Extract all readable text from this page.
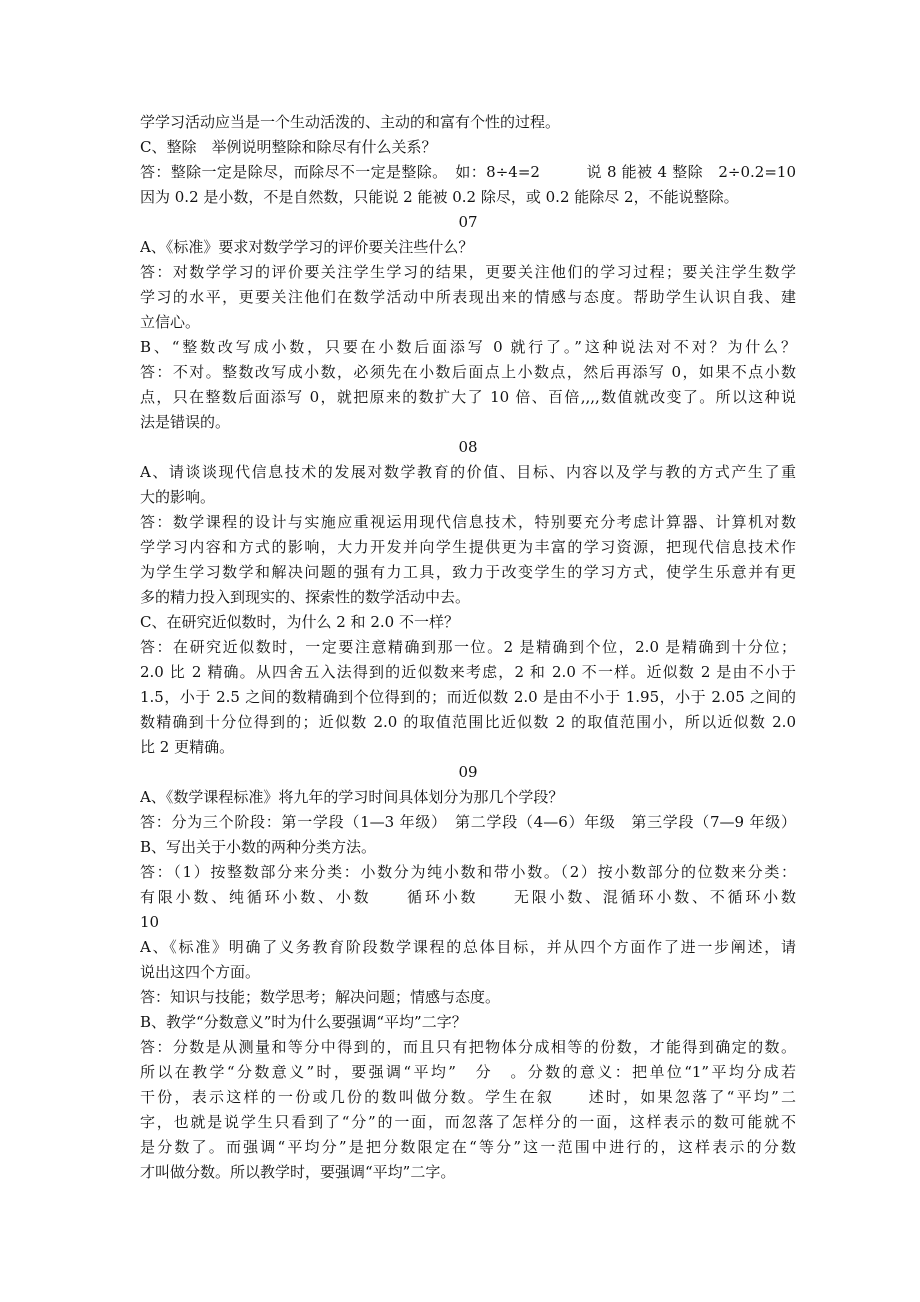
学学习活动应当是一个生动活泼的、主动的和富有个性的过程。
C、整除　举例说明整除和除尽有什么关系？
答：整除一定是除尽，而除尽不一定是整除。　如：8÷4=2　　　说 8 能被 4 整除　2÷0.2=10
因为 0.2 是小数，不是自然数，只能说 2 能被 0.2 除尽，或 0.2 能除尽 2，不能说整除。
07
A、《标准》要求对数学学习的评价要关注些什么？
答：对数学学习的评价要关注学生学习的结果，更要关注他们的学习过程；要关注学生数学
学习的水平，更要关注他们在数学活动中所表现出来的情感与态度。帮助学生认识自我、建
立信心。
B、“整数改写成小数，只要在小数后面添写 0 就行了。”这种说法对不对？为什么？
答：不对。整数改写成小数，必须先在小数后面点上小数点，然后再添写 0，如果不点小数
点，只在整数后面添写 0，就把原来的数扩大了 10 倍、百倍,,,,数值就改变了。所以这种说
法是错误的。
08
A、请谈谈现代信息技术的发展对数学教育的价值、目标、内容以及学与教的方式产生了重
大的影响。
答：数学课程的设计与实施应重视运用现代信息技术，特别要充分考虑计算器、计算机对数
学学习内容和方式的影响，大力开发并向学生提供更为丰富的学习资源，把现代信息技术作
为学生学习数学和解决问题的强有力工具，致力于改变学生的学习方式，使学生乐意并有更
多的精力投入到现实的、探索性的数学活动中去。
C、在研究近似数时，为什么 2 和 2.0 不一样？
答：在研究近似数时，一定要注意精确到那一位。2 是精确到个位，2.0 是精确到十分位；
2.0 比 2 精确。从四舍五入法得到的近似数来考虑，2 和 2.0 不一样。近似数 2 是由不小于
1.5，小于 2.5 之间的数精确到个位得到的；而近似数 2.0 是由不小于 1.95，小于 2.05 之间的
数精确到十分位得到的；近似数 2.0 的取值范围比近似数 2 的取值范围小，所以近似数 2.0
比 2 更精确。
09
A、《数学课程标准》将九年的学习时间具体划分为那几个学段？
答：分为三个阶段：第一学段（1—3 年级）　第二学段（4—6）年级　第三学段（7—9 年级）
B、写出关于小数的两种分类方法。
答：（1）按整数部分来分类：小数分为纯小数和带小数。（2）按小数部分的位数来分类：
有限小数、纯循环小数、小数　　循环小数　　无限小数、混循环小数、不循环小数
10
A、《标准》明确了义务教育阶段数学课程的总体目标，并从四个方面作了进一步阐述，请
说出这四个方面。
答：知识与技能；数学思考；解决问题；情感与态度。
B、教学“分数意义”时为什么要强调“平均”二字？
答：分数是从测量和等分中得到的，而且只有把物体分成相等的份数，才能得到确定的数。
所以在教学“分数意义”时，要强调“平均”　分　。分数的意义：把单位“1”平均分成若
干份，表示这样的一份或几份的数叫做分数。学生在叙　　述时，如果忽落了“平均”二
字，也就是说学生只看到了“分”的一面，而忽落了怎样分的一面，这样表示的数可能就不
是分数了。而强调“平均分”是把分数限定在“等分”这一范围中进行的，这样表示的分数
才叫做分数。所以教学时，要强调“平均”二字。
